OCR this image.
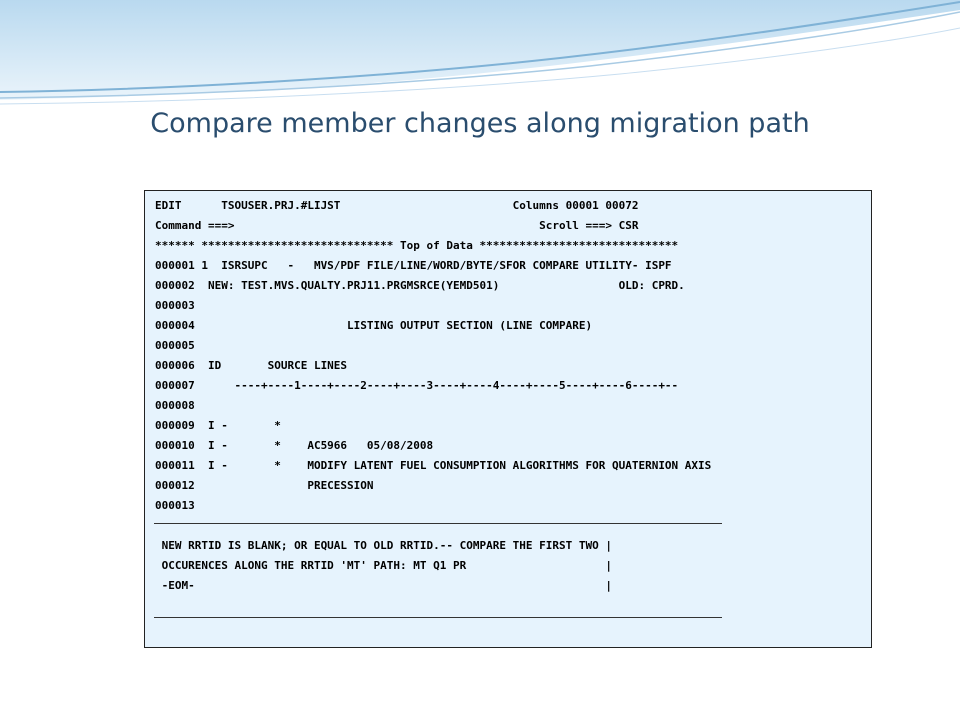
Compare member changes along migration path
EDIT      TSOUSER.PRJ.#LIJST                          Columns 00001 00072
Command ===>                                              Scroll ===> CSR
****** ***************************** Top of Data ******************************
000001 1  ISRSUPC   -   MVS/PDF FILE/LINE/WORD/BYTE/SFOR COMPARE UTILITY- ISPF
000002  NEW: TEST.MVS.QUALTY.PRJ11.PRGMSRCE(YEMD501)                  OLD: CPRD.
000003
000004                       LISTING OUTPUT SECTION (LINE COMPARE)
000005
000006  ID       SOURCE LINES
000007      ----+----1----+----2----+----3----+----4----+----5----+----6----+--
000008
000009  I -       *
000010  I -       *    AC5966   05/08/2008
000011  I -       *    MODIFY LATENT FUEL CONSUMPTION ALGORITHMS FOR QUATERNION AXIS
000012                 PRECESSION
000013
NEW RRTID IS BLANK; OR EQUAL TO OLD RRTID.-- COMPARE THE FIRST TWO |
OCCURENCES ALONG THE RRTID 'MT' PATH: MT Q1 PR                     |
-EOM-                                                              |
